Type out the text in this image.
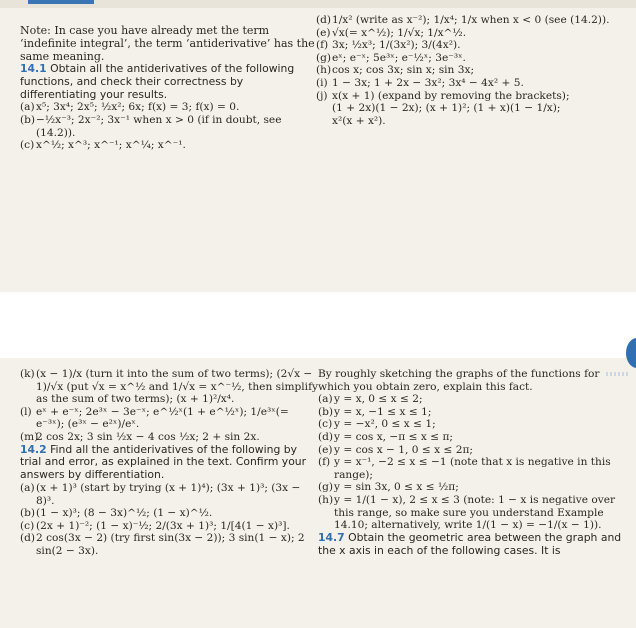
Note: In case you have already met the term ‘indefinite integral’, the term ‘antiderivative’ has the same meaning.

14.1 Obtain all the antiderivatives of the following functions, and check their correctness by differentiating your results.

(a) x⁵; 3x⁴; 2x⁵; ½x²; 6x; f(x) = 3; f(x) = 0.
(b) −½x⁻³; 2x⁻²; 3x⁻¹ when x > 0 (if in doubt, see (14.2)).
(c) x^½; x^³; x^⁻¹; x^¼; x^⁻¹.
(d) 1/x² (write as x⁻²); 1/x⁴; 1/x when x < 0 (see (14.2)).
(e) √x(= x^½); 1/√x; 1/x^½.
(f) 3x; ½x³; 1/(3x²); 3/(4x²).
(g) eˣ; e⁻ˣ; 5e³ˣ; e⁻½ˣ; 3e⁻³ˣ.
(h) cos x; cos 3x; sin x; sin 3x;
(i) 1 − 3x; 1 + 2x − 3x²; 3x⁴ − 4x² + 5.
(j) x(x + 1) (expand by removing the brackets);
(1 + 2x)(1 − 2x); (x + 1)²; (1 + x)(1 − 1/x);
x²(x + x²).
(k) (x − 1)/x (turn it into the sum of two terms); (2√x − 1)/√x (put √x = x^½ and 1/√x = x^⁻½, then simplify as the sum of two terms); (x + 1)²/x⁴.
(l) eˣ + e⁻ˣ; 2e³ˣ − 3e⁻ˣ; e^½ˣ(1 + e^½ˣ); 1/e³ˣ(= e⁻³ˣ); (e³ˣ − e²ˣ)/eˣ.
(m)
2 cos 2x; 3 sin ½x − 4 cos ½x; 2 + sin 2x.

14.2 Find all the antiderivatives of the following by trial and error, as explained in the text. Confirm your answers by differentiation.

(a) (x + 1)³ (start by trying (x + 1)⁴); (3x + 1)³; (3x − 8)³.
(b) (1 − x)³; (8 − 3x)^½; (1 − x)^½.
(c) (2x + 1)⁻²; (1 − x)⁻½; 2/(3x + 1)³; 1/[4(1 − x)³].
(d) 2 cos(3x − 2) (try first sin(3x − 2)); 3 sin(1 − x); 2 sin(2 − 3x).

By roughly sketching the graphs of the functions for which you obtain zero, explain this fact.

(a) y = x, 0 ≤ x ≤ 2;
(b) y = x, −1 ≤ x ≤ 1;
(c) y = −x², 0 ≤ x ≤ 1;
(d) y = cos x, −π ≤ x ≤ π;
(e) y = cos x − 1, 0 ≤ x ≤ 2π;
(f) y = x⁻¹, −2 ≤ x ≤ −1 (note that x is negative in this range);
(g) y = sin 3x, 0 ≤ x ≤ ½π;
(h) y = 1/(1 − x), 2 ≤ x ≤ 3 (note: 1 − x is negative over this range, so make sure you understand Example 14.10; alternatively, write 1/(1 − x) = −1/(x − 1)).

14.7 Obtain the geometric area between the graph and the x axis in each of the following cases. It is
